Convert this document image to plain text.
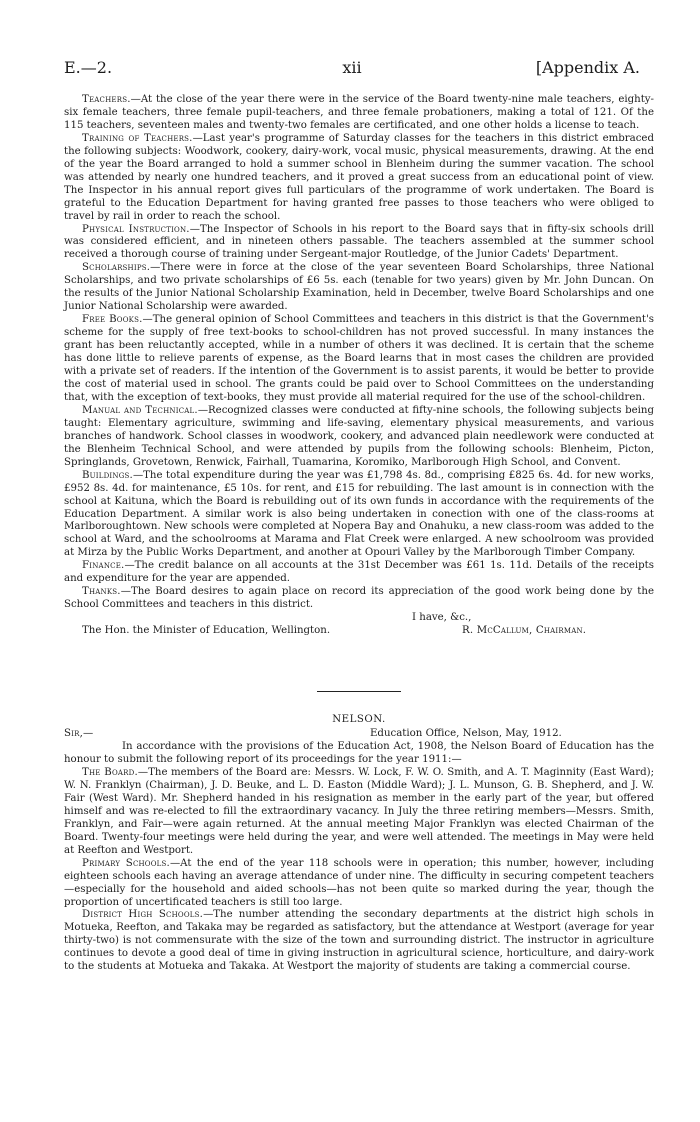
E.—2.	xii	[Appendix A.

Teachers.—At the close of the year there were in the service of the Board twenty-nine male teachers, eighty-six female teachers, three female pupil-teachers, and three female probationers, making a total of 121. Of the 115 teachers, seventeen males and twenty-two females are certificated, and one other holds a license to teach.

Training of Teachers.—Last year's programme of Saturday classes for the teachers in this district embraced the following subjects: Woodwork, cookery, dairy-work, vocal music, physical measurements, drawing. At the end of the year the Board arranged to hold a summer school in Blenheim during the summer vacation. The school was attended by nearly one hundred teachers, and it proved a great success from an educational point of view. The Inspector in his annual report gives full particulars of the programme of work undertaken. The Board is grateful to the Education Department for having granted free passes to those teachers who were obliged to travel by rail in order to reach the school.

Physical Instruction.—The Inspector of Schools in his report to the Board says that in fifty-six schools drill was considered efficient, and in nineteen others passable. The teachers assembled at the summer school received a thorough course of training under Sergeant-major Routledge, of the Junior Cadets' Department.

Scholarships.—There were in force at the close of the year seventeen Board Scholarships, three National Scholarships, and two private scholarships of £6 5s. each (tenable for two years) given by Mr. John Duncan. On the results of the Junior National Scholarship Examination, held in December, twelve Board Scholarships and one Junior National Scholarship were awarded.

Free Books.—The general opinion of School Committees and teachers in this district is that the Government's scheme for the supply of free text-books to school-children has not proved successful. In many instances the grant has been reluctantly accepted, while in a number of others it was declined. It is certain that the scheme has done little to relieve parents of expense, as the Board learns that in most cases the children are provided with a private set of readers. If the intention of the Government is to assist parents, it would be better to provide the cost of material used in school. The grants could be paid over to School Committees on the understanding that, with the exception of text-books, they must provide all material required for the use of the school-children.

Manual and Technical.—Recognized classes were conducted at fifty-nine schools, the following subjects being taught: Elementary agriculture, swimming and life-saving, elementary physical measurements, and various branches of handwork. School classes in woodwork, cookery, and advanced plain needlework were conducted at the Blenheim Technical School, and were attended by pupils from the following schools: Blenheim, Picton, Springlands, Grovetown, Renwick, Fairhall, Tuamarina, Koromiko, Marlborough High School, and Convent.

Buildings.—The total expenditure during the year was £1,798 4s. 8d., comprising £825 6s. 4d. for new works, £952 8s. 4d. for maintenance, £5 10s. for rent, and £15 for rebuilding. The last amount is in connection with the school at Kaituna, which the Board is rebuilding out of its own funds in accordance with the requirements of the Education Department. A similar work is also being undertaken in conection with one of the class-rooms at Marlboroughtown. New schools were completed at Nopera Bay and Onahuku, a new class-room was added to the school at Ward, and the schoolrooms at Marama and Flat Creek were enlarged. A new schoolroom was provided at Mirza by the Public Works Department, and another at Opouri Valley by the Marlborough Timber Company.

Finance.—The credit balance on all accounts at the 31st December was £61 1s. 11d. Details of the receipts and expenditure for the year are appended.

Thanks.—The Board desires to again place on record its appreciation of the good work being done by the School Committees and teachers in this district.

I have, &c.,
The Hon. the Minister of Education, Wellington.	R. McCallum, Chairman.
NELSON.
Sir,—	Education Office, Nelson, May, 1912.

In accordance with the provisions of the Education Act, 1908, the Nelson Board of Education has the honour to submit the following report of its proceedings for the year 1911:—

The Board.—The members of the Board are: Messrs. W. Lock, F. W. O. Smith, and A. T. Maginnity (East Ward); W. N. Franklyn (Chairman), J. D. Beuke, and L. D. Easton (Middle Ward); J. L. Munson, G. B. Shepherd, and J. W. Fair (West Ward). Mr. Shepherd handed in his resignation as member in the early part of the year, but offered himself and was re-elected to fill the extraordinary vacancy. In July the three retiring members—Messrs. Smith, Franklyn, and Fair—were again returned. At the annual meeting Major Franklyn was elected Chairman of the Board. Twenty-four meetings were held during the year, and were well attended. The meetings in May were held at Reefton and Westport.

Primary Schools.—At the end of the year 118 schools were in operation; this number, however, including eighteen schools each having an average attendance of under nine. The difficulty in securing competent teachers—especially for the household and aided schools—has not been quite so marked during the year, though the proportion of uncertificated teachers is still too large.

District High Schools.—The number attending the secondary departments at the district high schols in Motueka, Reefton, and Takaka may be regarded as satisfactory, but the attendance at Westport (average for year thirty-two) is not commensurate with the size of the town and surrounding district. The instructor in agriculture continues to devote a good deal of time in giving instruction in agricultural science, horticulture, and dairy-work to the students at Motueka and Takaka. At Westport the majority of students are taking a commercial course.
